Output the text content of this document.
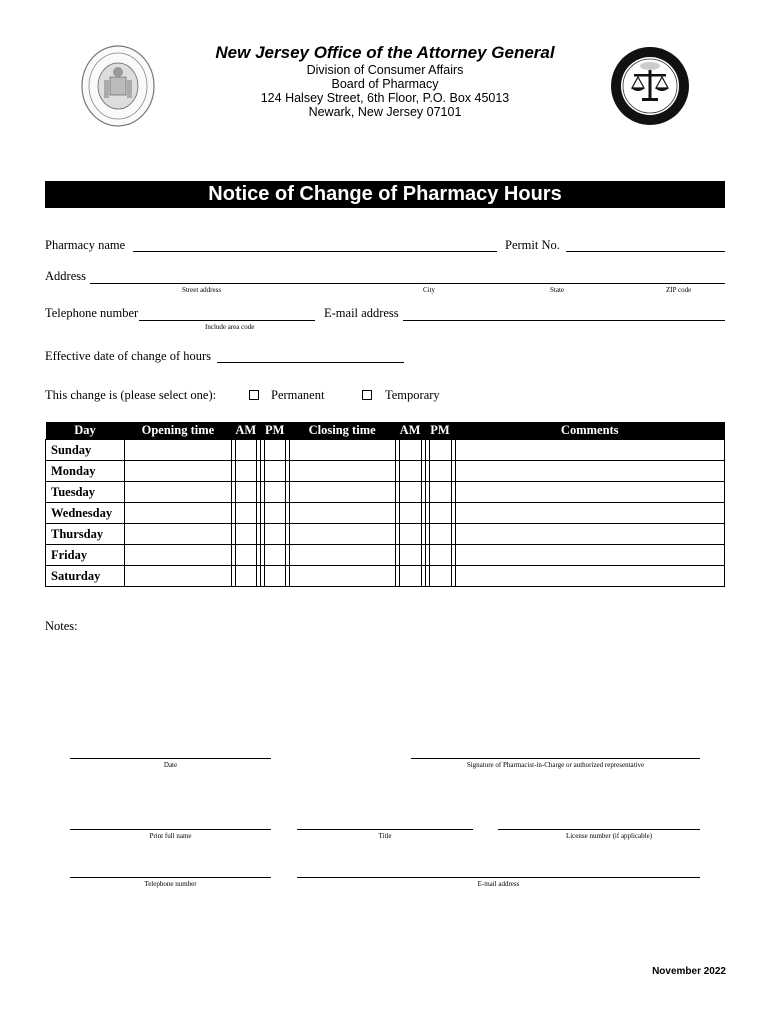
New Jersey Office of the Attorney General
Division of Consumer Affairs
Board of Pharmacy
124 Halsey Street, 6th Floor, P.O. Box 45013
Newark, New Jersey 07101
Notice of Change of Pharmacy Hours
Pharmacy name	Permit No.
Address
Street address	City	State	ZIP code
Telephone number
Include area code
E-mail address
Effective date of change of hours
This change is (please select one):	Permanent	Temporary
Day	Opening time	AM	PM	Closing time	AM	PM	Comments
Sunday		

Monday		

Tuesday		

Wednesday		

Thursday		

Friday		

Saturday		

Notes:
Date	Signature of Pharmacist-in-Charge or authorized representative
Print full name	Title	License number (if applicable)
Telephone number	E-mail address
November 2022
